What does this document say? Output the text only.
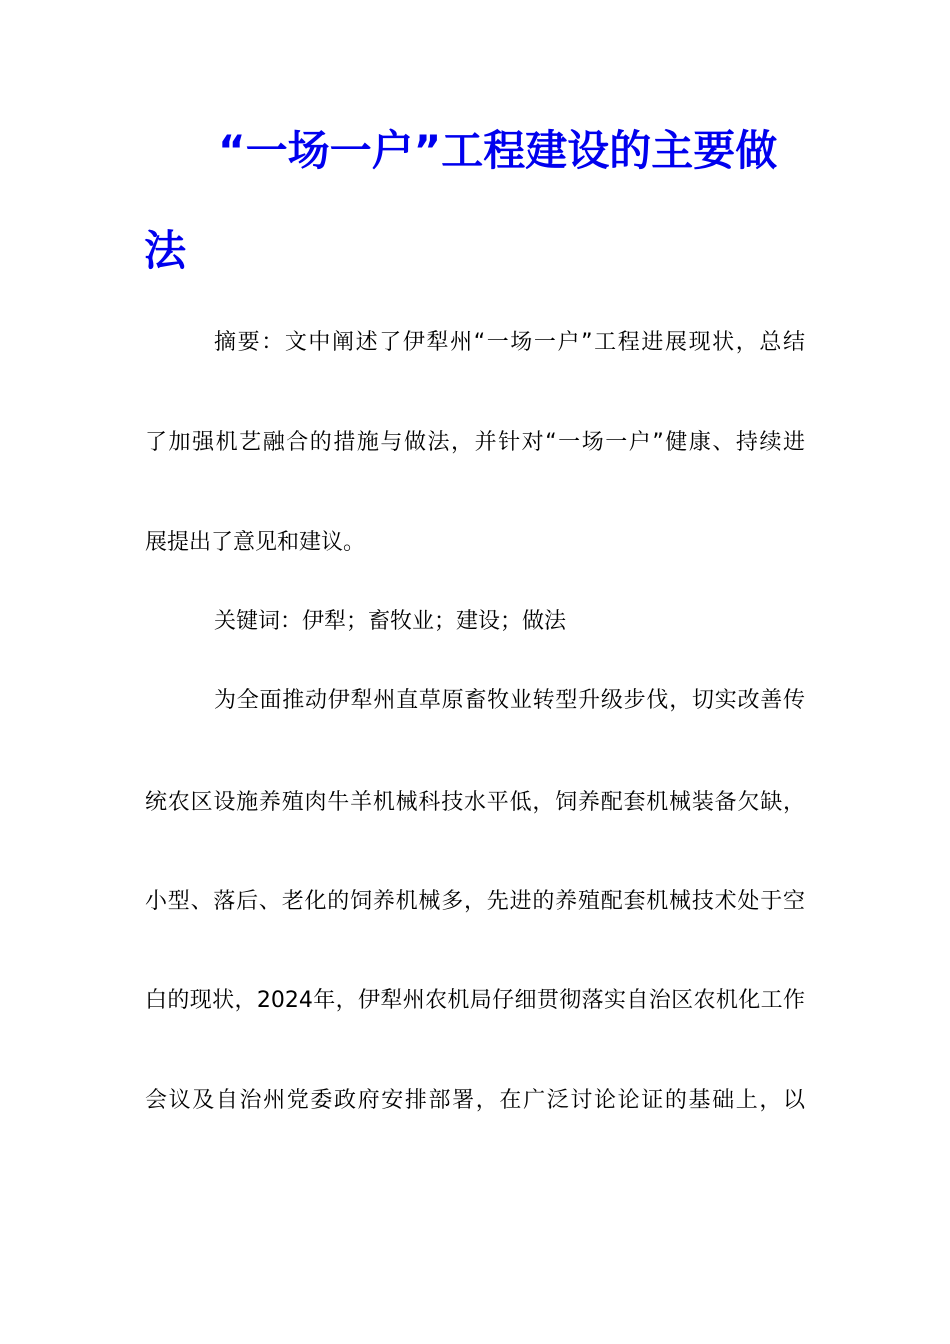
“一场一户”工程建设的主要做
法
摘要：文中阐述了伊犁州“一场一户”工程进展现状，总结
了加强机艺融合的措施与做法，并针对“一场一户”健康、持续进
展提出了意见和建议。
关键词：伊犁；畜牧业；建设；做法
为全面推动伊犁州直草原畜牧业转型升级步伐，切实改善传
统农区设施养殖肉牛羊机械科技水平低，饲养配套机械装备欠缺，
小型、落后、老化的饲养机械多，先进的养殖配套机械技术处于空
白的现状，2024年，伊犁州农机局仔细贯彻落实自治区农机化工作
会议及自治州党委政府安排部署，在广泛讨论论证的基础上，以
